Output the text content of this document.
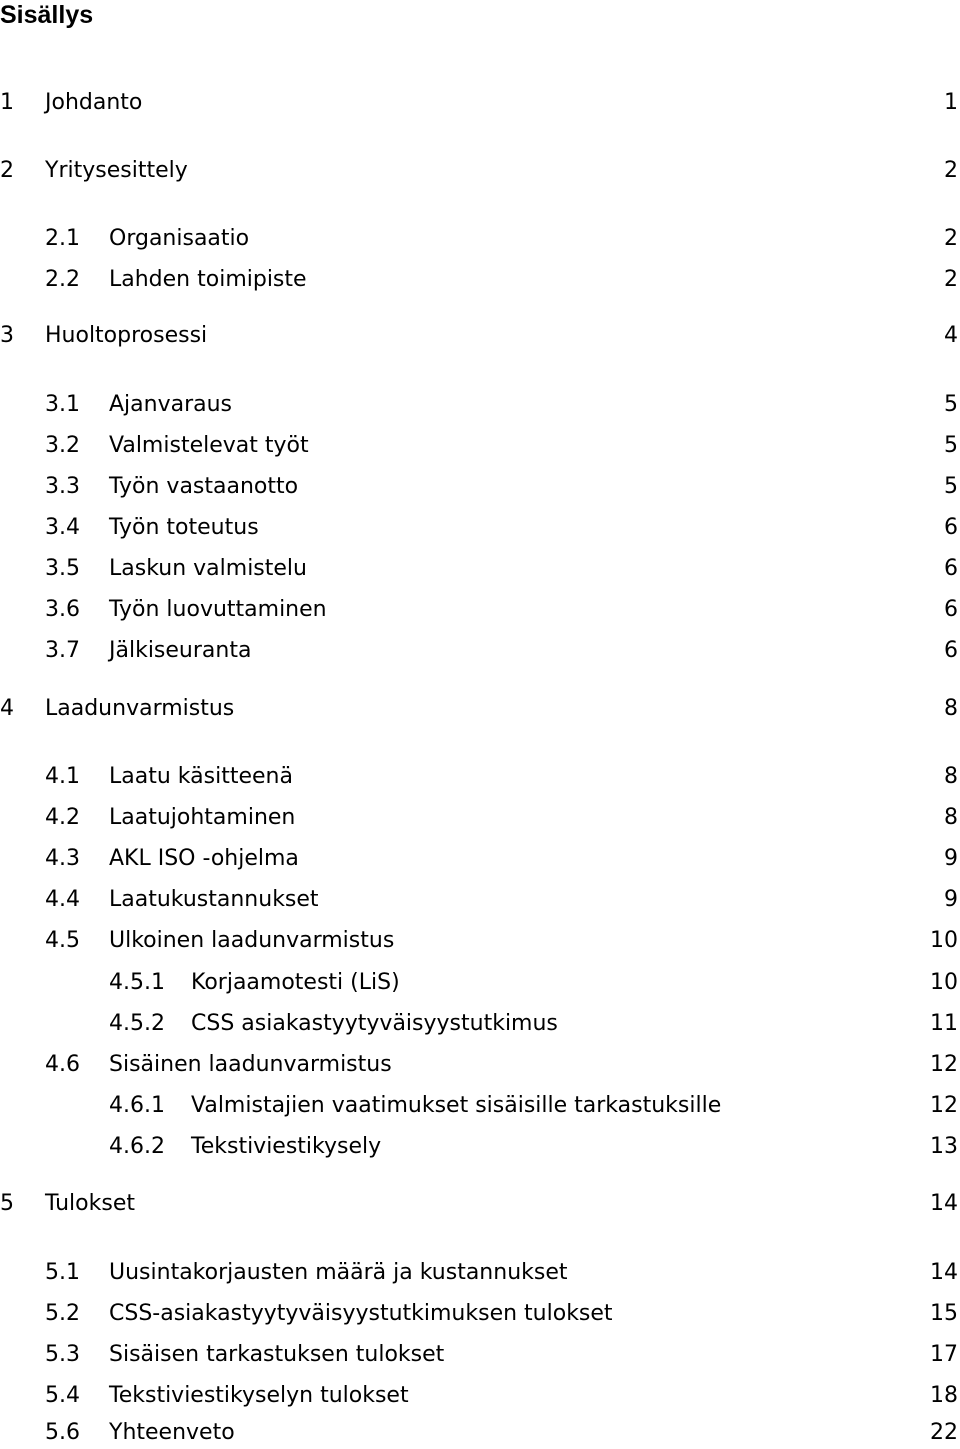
Sisällys
1 Johdanto	1
2 Yritysesittely	2
2.1 Organisaatio	2
2.2 Lahden toimipiste	2
3 Huoltoprosessi	4
3.1 Ajanvaraus	5
3.2 Valmistelevat työt	5
3.3 Työn vastaanotto	5
3.4 Työn toteutus	6
3.5 Laskun valmistelu	6
3.6 Työn luovuttaminen	6
3.7 Jälkiseuranta	6
4 Laadunvarmistus	8
4.1 Laatu käsitteenä	8
4.2 Laatujohtaminen	8
4.3 AKL ISO -ohjelma	9
4.4 Laatukustannukset	9
4.5 Ulkoinen laadunvarmistus	10
4.5.1 Korjaamotesti (LiS)	10
4.5.2 CSS asiakastyytyväisyystutkimus	11
4.6 Sisäinen laadunvarmistus	12
4.6.1 Valmistajien vaatimukset sisäisille tarkastuksille	12
4.6.2 Tekstiviestikysely	13
5 Tulokset	14
5.1 Uusintakorjausten määrä ja kustannukset	14
5.2 CSS-asiakastyytyväisyystutkimuksen tulokset	15
5.3 Sisäisen tarkastuksen tulokset	17
5.4 Tekstiviestikyselyn tulokset	18
5.6 Yhteenveto	22
